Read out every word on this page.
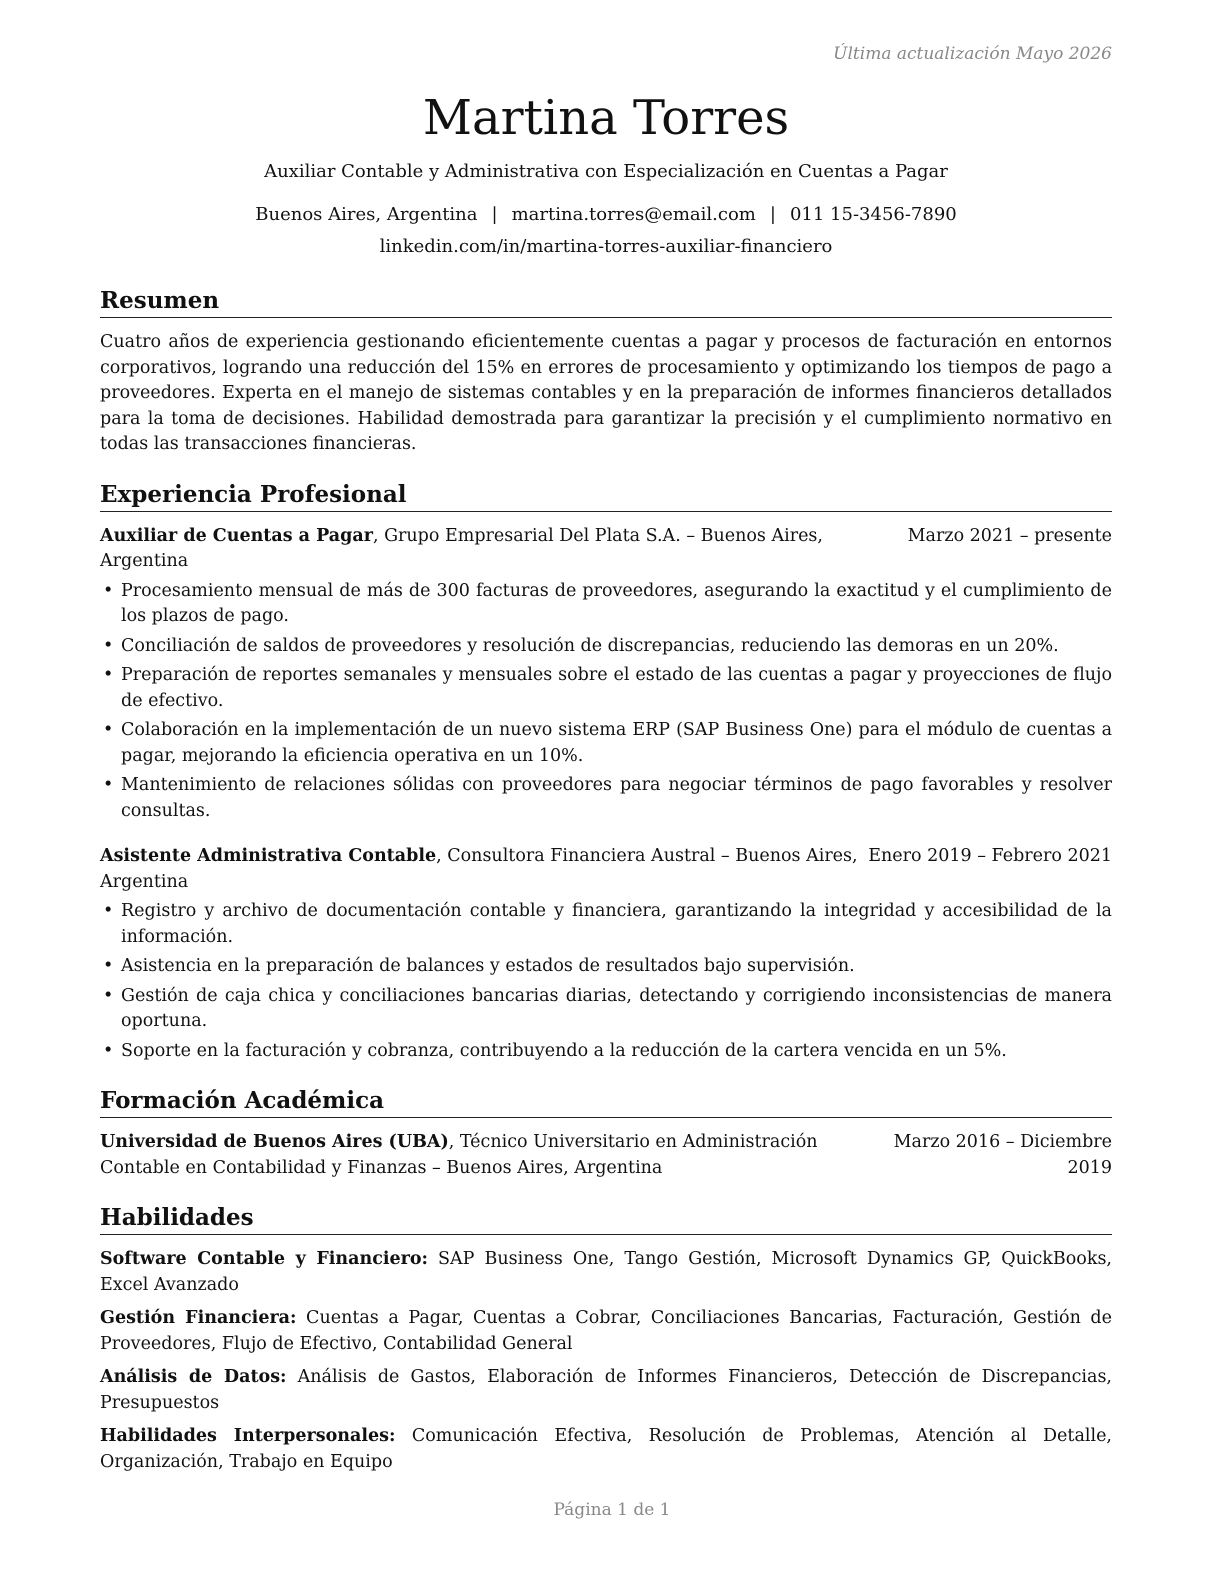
Última actualización Mayo 2026
Martina Torres
Auxiliar Contable y Administrativa con Especialización en Cuentas a Pagar
Buenos Aires, Argentina | martina.torres@email.com | 011 15-3456-7890
linkedin.com/in/martina-torres-auxiliar-financiero
Resumen
Cuatro años de experiencia gestionando eficientemente cuentas a pagar y procesos de facturación en entornos corporativos, logrando una reducción del 15% en errores de procesamiento y optimizando los tiempos de pago a proveedores. Experta en el manejo de sistemas contables y en la preparación de informes financieros detallados para la toma de decisiones. Habilidad demostrada para garantizar la precisión y el cumplimiento normativo en todas las transacciones financieras.
Experiencia Profesional
Auxiliar de Cuentas a Pagar, Grupo Empresarial Del Plata S.A. – Buenos Aires, Argentina
Marzo 2021 – presente
• Procesamiento mensual de más de 300 facturas de proveedores, asegurando la exactitud y el cumplimiento de los plazos de pago.
• Conciliación de saldos de proveedores y resolución de discrepancias, reduciendo las demoras en un 20%.
• Preparación de reportes semanales y mensuales sobre el estado de las cuentas a pagar y proyecciones de flujo de efectivo.
• Colaboración en la implementación de un nuevo sistema ERP (SAP Business One) para el módulo de cuentas a pagar, mejorando la eficiencia operativa en un 10%.
• Mantenimiento de relaciones sólidas con proveedores para negociar términos de pago favorables y resolver consultas.
Asistente Administrativa Contable, Consultora Financiera Austral – Buenos Aires, Argentina
Enero 2019 – Febrero 2021
• Registro y archivo de documentación contable y financiera, garantizando la integridad y accesibilidad de la información.
• Asistencia en la preparación de balances y estados de resultados bajo supervisión.
• Gestión de caja chica y conciliaciones bancarias diarias, detectando y corrigiendo inconsistencias de manera oportuna.
• Soporte en la facturación y cobranza, contribuyendo a la reducción de la cartera vencida en un 5%.
Formación Académica
Universidad de Buenos Aires (UBA), Técnico Universitario en Administración Contable en Contabilidad y Finanzas – Buenos Aires, Argentina
Marzo 2016 – Diciembre 2019
Habilidades
Software Contable y Financiero: SAP Business One, Tango Gestión, Microsoft Dynamics GP, QuickBooks, Excel Avanzado
Gestión Financiera: Cuentas a Pagar, Cuentas a Cobrar, Conciliaciones Bancarias, Facturación, Gestión de Proveedores, Flujo de Efectivo, Contabilidad General
Análisis de Datos: Análisis de Gastos, Elaboración de Informes Financieros, Detección de Discrepancias, Presupuestos
Habilidades Interpersonales: Comunicación Efectiva, Resolución de Problemas, Atención al Detalle, Organización, Trabajo en Equipo
Página 1 de 1
